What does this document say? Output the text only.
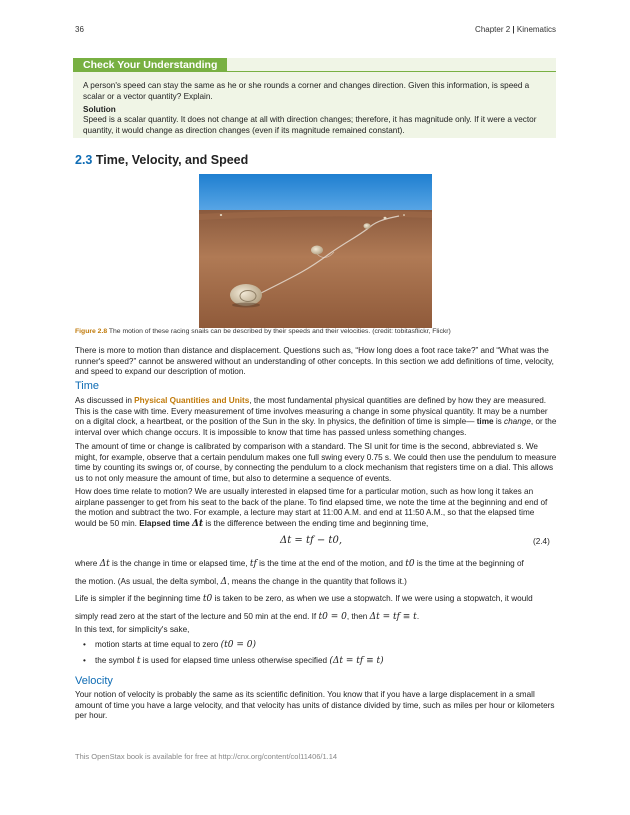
36	Chapter 2 | Kinematics
Check Your Understanding
A person's speed can stay the same as he or she rounds a corner and changes direction. Given this information, is speed a scalar or a vector quantity? Explain.
Solution
Speed is a scalar quantity. It does not change at all with direction changes; therefore, it has magnitude only. If it were a vector quantity, it would change as direction changes (even if its magnitude remained constant).
2.3 Time, Velocity, and Speed
Figure 2.8 The motion of these racing snails can be described by their speeds and their velocities. (credit: tobitasflickr, Flickr)
There is more to motion than distance and displacement. Questions such as, “How long does a foot race take?” and “What was the runner's speed?” cannot be answered without an understanding of other concepts. In this section we add definitions of time, velocity, and speed to expand our description of motion.
Time
As discussed in Physical Quantities and Units, the most fundamental physical quantities are defined by how they are measured. This is the case with time. Every measurement of time involves measuring a change in some physical quantity. It may be a number on a digital clock, a heartbeat, or the position of the Sun in the sky. In physics, the definition of time is simple— time is change, or the interval over which change occurs. It is impossible to know that time has passed unless something changes.
The amount of time or change is calibrated by comparison with a standard. The SI unit for time is the second, abbreviated s. We might, for example, observe that a certain pendulum makes one full swing every 0.75 s. We could then use the pendulum to measure time by counting its swings or, of course, by connecting the pendulum to a clock mechanism that registers time on a dial. This allows us to not only measure the amount of time, but also to determine a sequence of events.
How does time relate to motion? We are usually interested in elapsed time for a particular motion, such as how long it takes an airplane passenger to get from his seat to the back of the plane. To find elapsed time, we note the time at the beginning and end of the motion and subtract the two. For example, a lecture may start at 11:00 A.M. and end at 11:50 A.M., so that the elapsed time would be 50 min. Elapsed time Δt is the difference between the ending time and beginning time,
Δt = tf − t0,	(2.4)
where Δt is the change in time or elapsed time, tf is the time at the end of the motion, and t0 is the time at the beginning of
the motion. (As usual, the delta symbol, Δ, means the change in the quantity that follows it.)
Life is simpler if the beginning time t0 is taken to be zero, as when we use a stopwatch. If we were using a stopwatch, it would
simply read zero at the start of the lecture and 50 min at the end. If t0 = 0, then Δt = tf ≡ t.
In this text, for simplicity's sake,
• motion starts at time equal to zero (t0 = 0)
• the symbol t is used for elapsed time unless otherwise specified (Δt = tf ≡ t)
Velocity
Your notion of velocity is probably the same as its scientific definition. You know that if you have a large displacement in a small amount of time you have a large velocity, and that velocity has units of distance divided by time, such as miles per hour or kilometers per hour.
This OpenStax book is available for free at http://cnx.org/content/col11406/1.14
